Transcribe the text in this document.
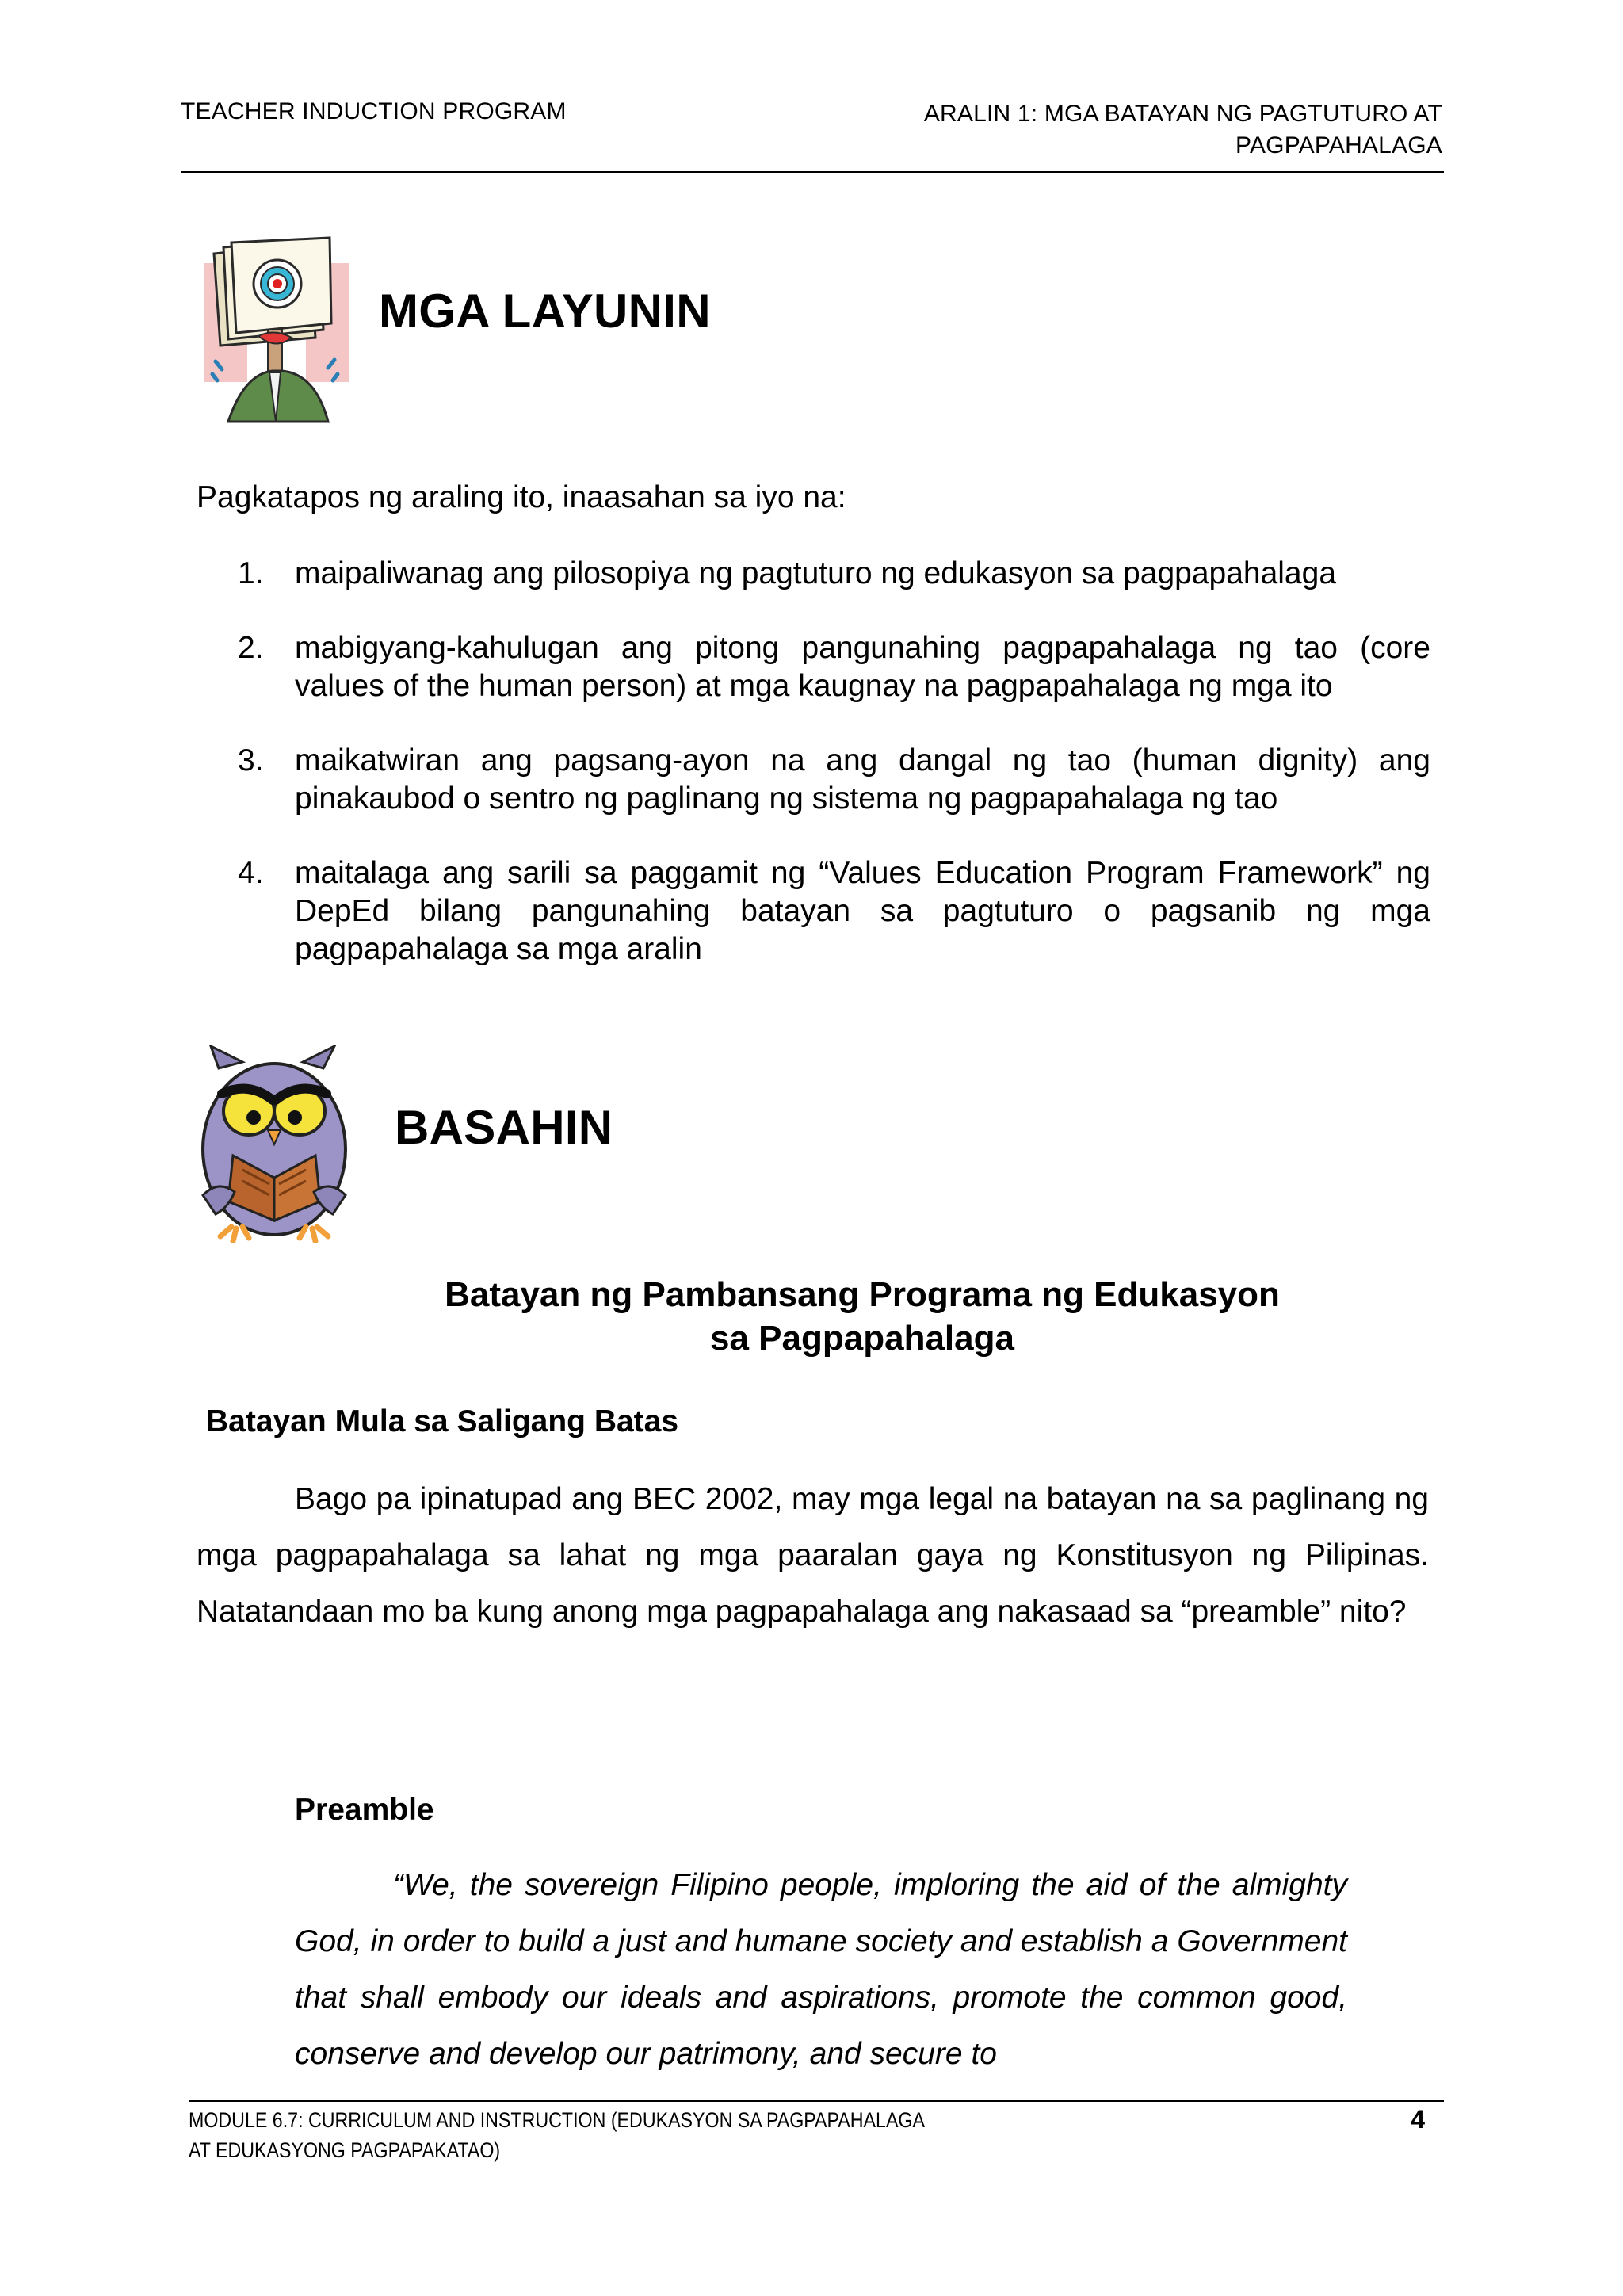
TEACHER INDUCTION PROGRAM	ARALIN 1: MGA BATAYAN NG PAGTUTURO AT
PAGPAPAHALAGA
MGA LAYUNIN
Pagkatapos ng araling ito, inaasahan sa iyo na:
1.	maipaliwanag ang pilosopiya ng pagtuturo ng edukasyon sa pagpapahalaga
2.	mabigyang-kahulugan ang pitong pangunahing pagpapahalaga ng tao (core values of the human person) at mga kaugnay na pagpapahalaga ng mga ito
3.	maikatwiran ang pagsang-ayon na ang dangal ng tao (human dignity) ang pinakaubod o sentro ng paglinang ng sistema ng pagpapahalaga ng tao
4.	maitalaga ang sarili sa paggamit ng “Values Education Program Framework” ng DepEd bilang pangunahing batayan sa pagtuturo o pagsanib ng mga pagpapahalaga sa mga aralin
BASAHIN
Batayan ng Pambansang Programa ng Edukasyon
sa Pagpapahalaga
Batayan Mula sa Saligang Batas

Bago pa ipinatupad ang BEC 2002, may mga legal na batayan na sa paglinang ng mga pagpapahalaga sa lahat ng mga paaralan gaya ng Konstitusyon ng Pilipinas. Natatandaan mo ba kung anong mga pagpapahalaga ang nakasaad sa “preamble” nito?

Preamble

“We, the sovereign Filipino people, imploring the aid of the almighty God, in order to build a just and humane society and establish a Government that shall embody our ideals and aspirations, promote the common good, conserve and develop our patrimony, and secure to

MODULE 6.7: CURRICULUM AND INSTRUCTION (EDUKASYON SA PAGPAPAHALAGA
AT EDUKASYONG PAGPAPAKATAO)
4
